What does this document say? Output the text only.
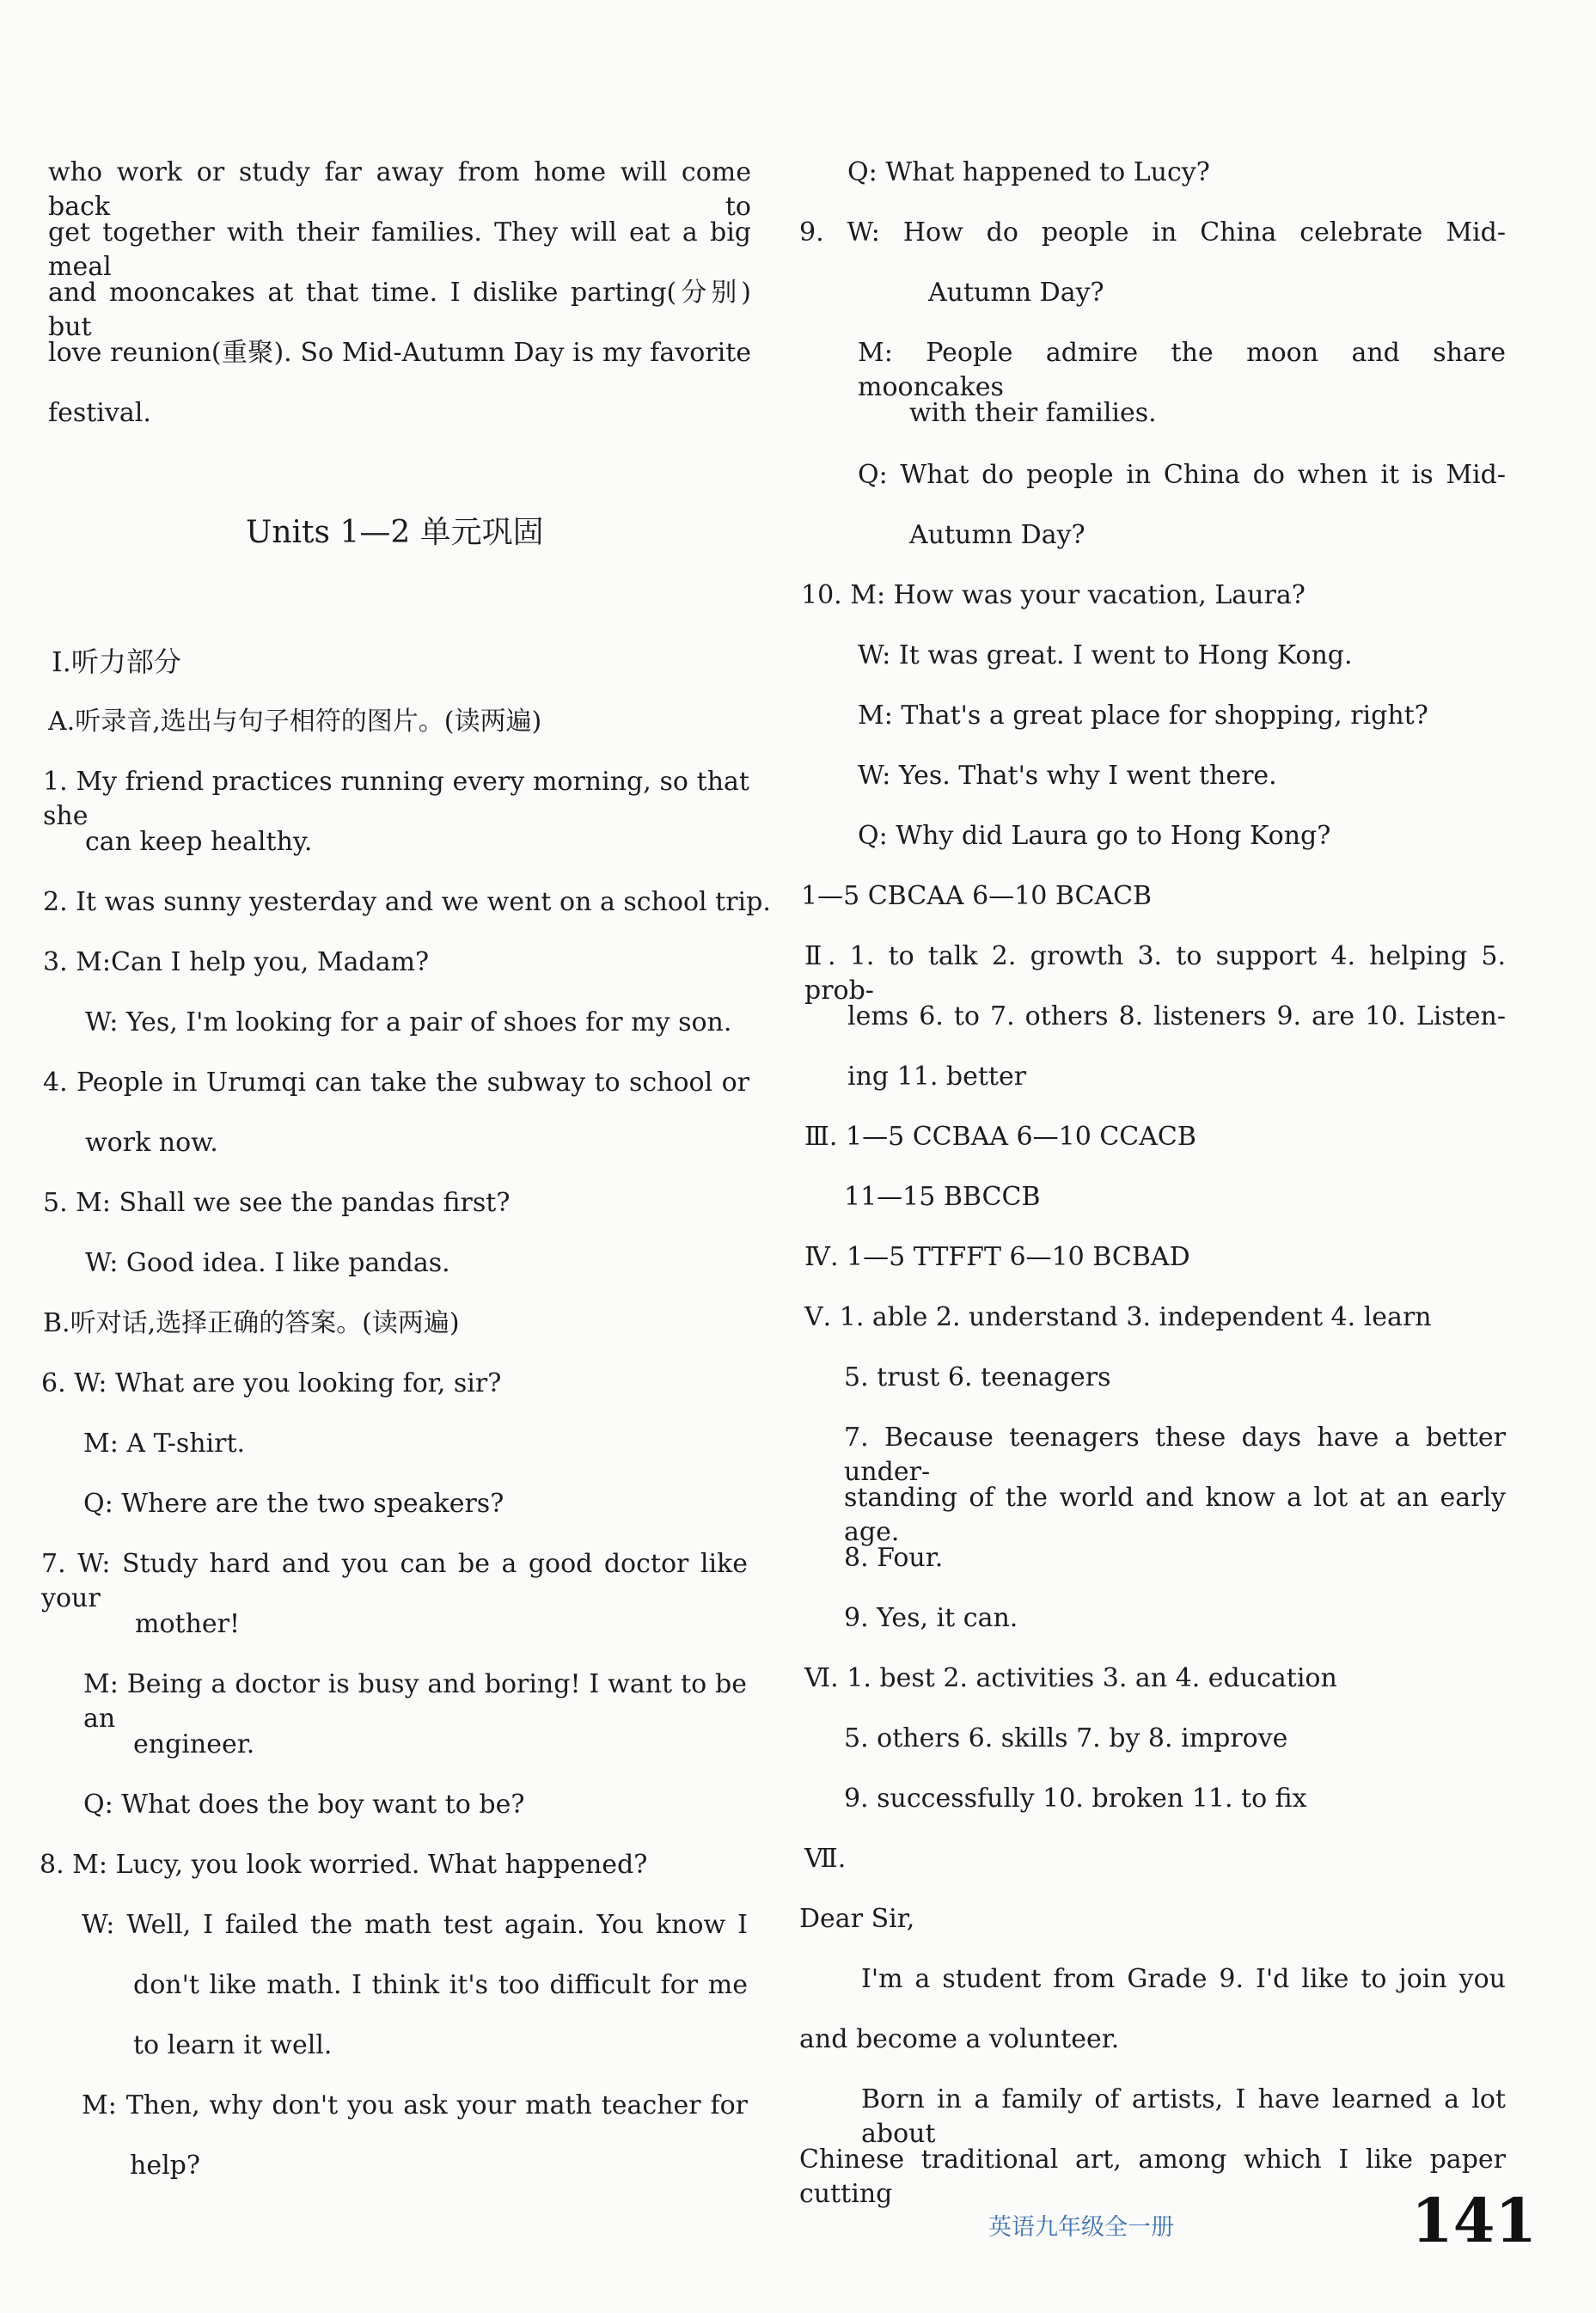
who work or study far away from home will come back to
get together with their families. They will eat a big meal
and mooncakes at that time. I dislike parting(分别) but
love reunion(重聚). So Mid-Autumn Day is my favorite
festival.
Units 1—2 单元巩固
Ⅰ.听力部分
A.听录音,选出与句子相符的图片。(读两遍)
1. My friend practices running every morning, so that she
can keep healthy.
2. It was sunny yesterday and we went on a school trip.
3. M:Can I help you, Madam?
W: Yes, I'm looking for a pair of shoes for my son.
4. People in Urumqi can take the subway to school or
work now.
5. M: Shall we see the pandas first?
W: Good idea. I like pandas.
B.听对话,选择正确的答案。(读两遍)
6. W: What are you looking for, sir?
M: A T-shirt.
Q: Where are the two speakers?
7. W: Study hard and you can be a good doctor like your
mother!
M: Being a doctor is busy and boring! I want to be an
engineer.
Q: What does the boy want to be?
8. M: Lucy, you look worried. What happened?
W: Well, I failed the math test again. You know I
don't like math. I think it's too difficult for me
to learn it well.
M: Then, why don't you ask your math teacher for
help?
Q: What happened to Lucy?
9. W: How do people in China celebrate Mid-
Autumn Day?
M: People admire the moon and share mooncakes
with their families.
Q: What do people in China do when it is Mid-
Autumn Day?
10. M: How was your vacation, Laura?
W: It was great. I went to Hong Kong.
M: That's a great place for shopping, right?
W: Yes. That's why I went there.
Q: Why did Laura go to Hong Kong?
1—5 CBCAA 6—10 BCACB
Ⅱ. 1. to talk 2. growth 3. to support 4. helping 5. prob-
lems 6. to 7. others 8. listeners 9. are 10. Listen-
ing 11. better
Ⅲ. 1—5 CCBAA 6—10 CCACB
11—15 BBCCB
Ⅳ. 1—5 TTFFT 6—10 BCBAD
Ⅴ. 1. able 2. understand 3. independent 4. learn
5. trust 6. teenagers
7. Because teenagers these days have a better under-
standing of the world and know a lot at an early age.
8. Four.
9. Yes, it can.
Ⅵ. 1. best 2. activities 3. an 4. education
5. others 6. skills 7. by 8. improve
9. successfully 10. broken 11. to fix
Ⅶ.
Dear Sir,
I'm a student from Grade 9. I'd like to join you
and become a volunteer.
Born in a family of artists, I have learned a lot about
Chinese traditional art, among which I like paper cutting
英语九年级全一册	141
